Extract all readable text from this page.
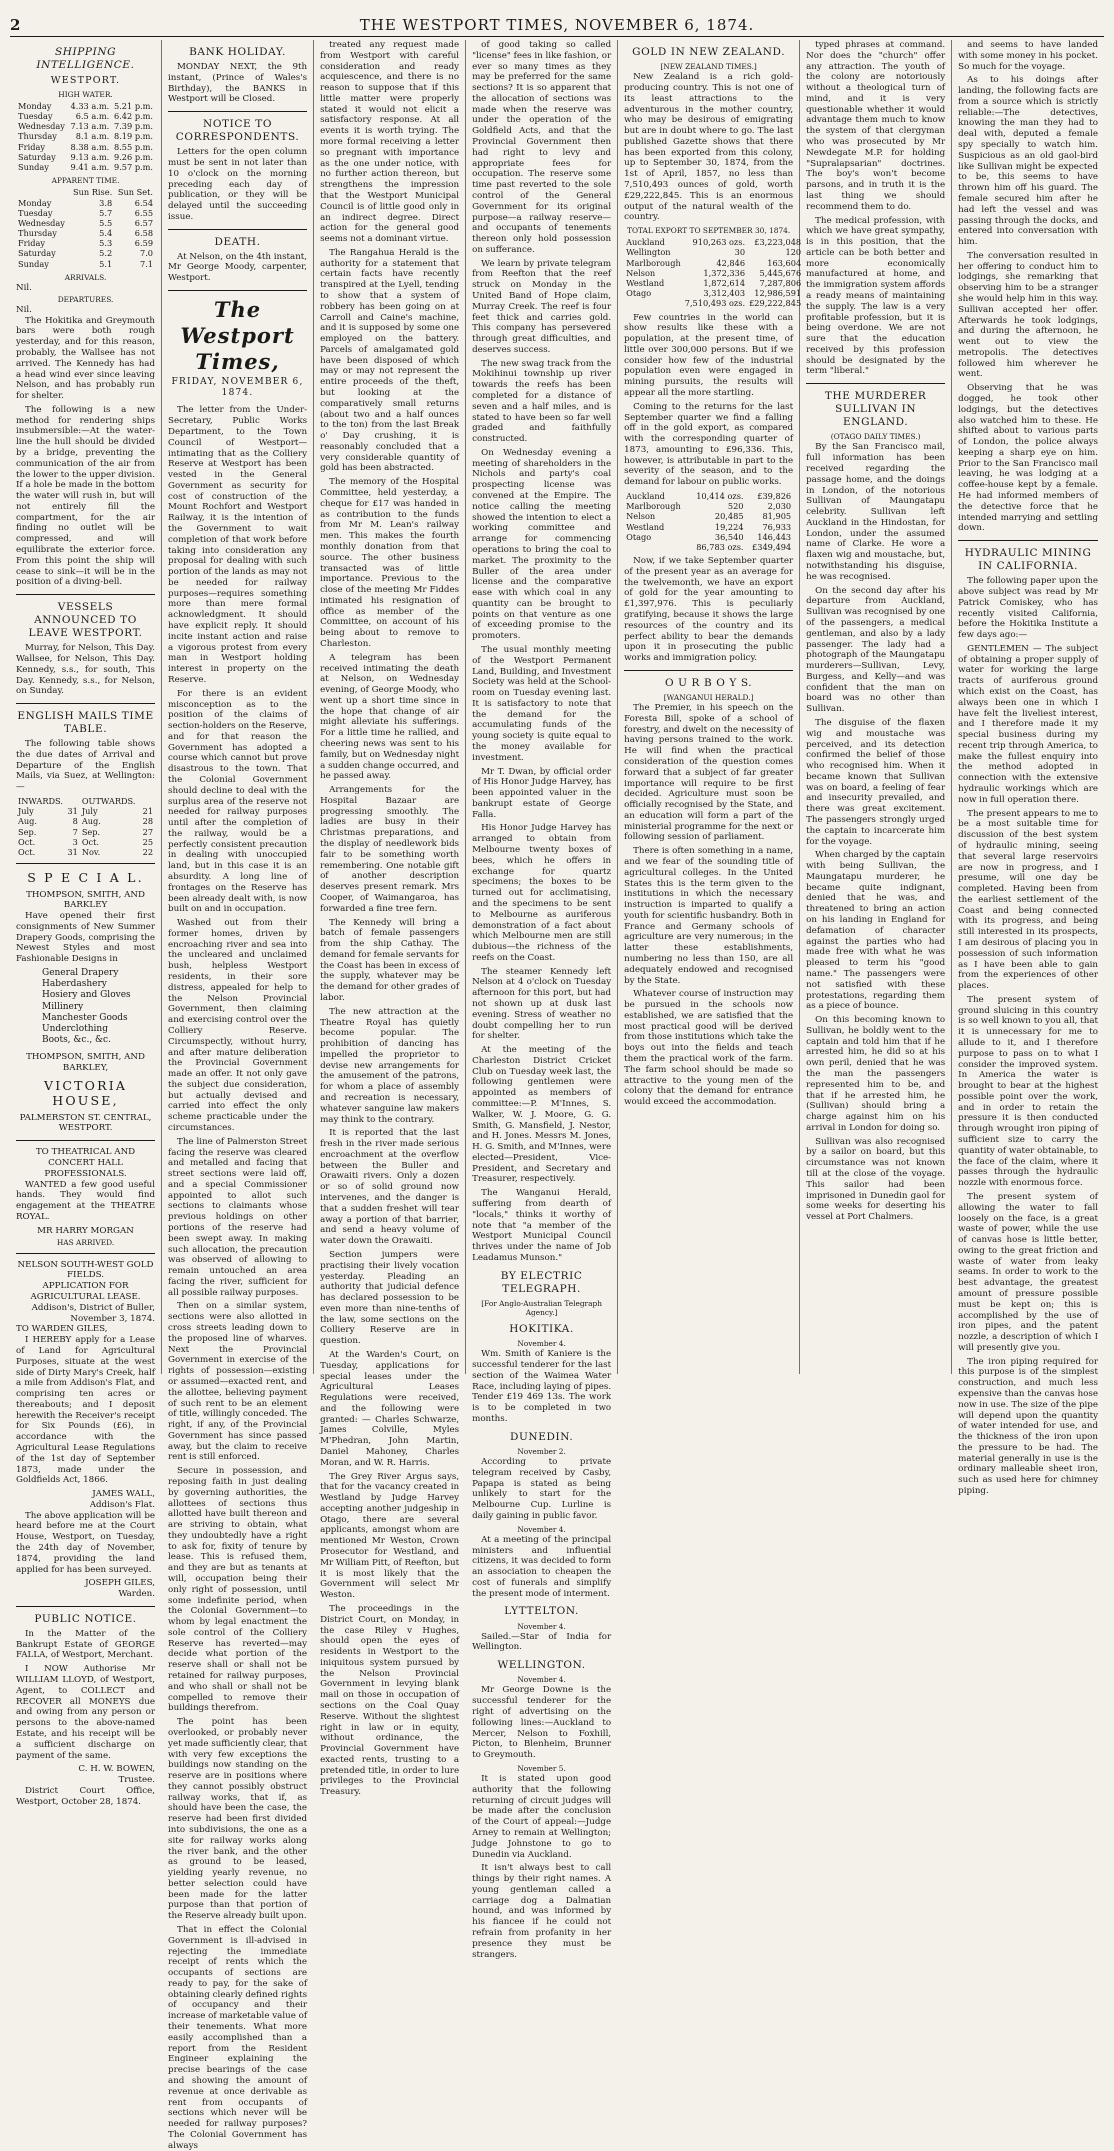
2	THE WESTPORT TIMES, NOVEMBER 6, 1874.
SHIPPING INTELLIGENCE.
WESTPORT.
HIGH WATER.
Monday	4.33 a.m.	5.21 p.m.
Tuesday	6.5 a.m.	6.42 p.m.
Wednesday	7.13 a.m.	7.39 p.m.
Thursday	8.1 a.m.	8.19 p.m.
Friday	8.38 a.m.	8.55 p.m.
Saturday	9.13 a.m.	9.26 p.m.
Sunday	9.41 a.m.	9.57 p.m.
APPARENT TIME.
	Sun Rise.	Sun Set.
Monday	3.8	6.54
Tuesday	5.7	6.55
Wednesday	5.5	6.57
Thursday	5.4	6.58
Friday	5.3	6.59
Saturday	5.2	7.0
Sunday	5.1	7.1
ARRIVALS.
Nil.
DEPARTURES.
Nil.

The Hokitika and Greymouth bars were both rough yesterday, and for this reason, probably, the Wallsee has not arrived. The Kennedy has had a head wind ever since leaving Nelson, and has probably run for shelter.

The following is a new method for rendering ships insubmersible:—At the water-line the hull should be divided by a bridge, preventing the communication of the air from the lower to the upper division. If a hole be made in the bottom the water will rush in, but will not entirely fill the compartment, for the air finding no outlet will be compressed, and will equilibrate the exterior force. From this point the ship will cease to sink—it will be in the position of a diving-bell.

VESSELS ANNOUNCED TO LEAVE WESTPORT.

Murray, for Nelson, This Day. Wallsee, for Nelson, This Day. Kennedy, s.s., for south, This Day. Kennedy, s.s., for Nelson, on Sunday.

ENGLISH MAILS TIME TABLE.

The following table shows the due dates of Arrival and Departure of the English Mails, via Suez, at Wellington:—

INWARDS.		OUTWARDS.	
July	31	July	21
Aug.	8	Aug.	28
Sep.	7	Sep.	27
Oct.	3	Oct.	25
Oct.	31	Nov.	22
S P E C I A L.
THOMPSON, SMITH, AND BARKLEY

Have opened their first consignments of New Summer Drapery Goods, comprising the Newest Styles and most Fashionable Designs in

General Drapery
Haberdashery
Hosiery and Gloves
Millinery
Manchester Goods
Underclothing
Boots, &c., &c.
THOMPSON, SMITH, AND BARKLEY,
VICTORIA HOUSE,
PALMERSTON ST. CENTRAL, WESTPORT.
TO THEATRICAL AND CONCERT HALL PROFESSIONALS.

WANTED a few good useful hands. They would find engagement at the THEATRE ROYAL.

MR HARRY MORGAN
HAS ARRIVED.
NELSON SOUTH-WEST GOLD FIELDS.
APPLICATION FOR AGRICULTURAL LEASE.
Addison's, District of Buller, November 3, 1874.
TO WARDEN GILES,

I HEREBY apply for a Lease of Land for Agricultural Purposes, situate at the west side of Dirty Mary's Creek, half a mile from Addison's Flat, and comprising ten acres or thereabouts; and I deposit herewith the Receiver's receipt for Six Pounds (£6), in accordance with the Agricultural Lease Regulations of the 1st day of September 1873, made under the Goldfields Act, 1866.

JAMES WALL,
Addison's Flat.

The above application will be heard before me at the Court House, Westport, on Tuesday, the 24th day of November, 1874, providing the land applied for has been surveyed.

JOSEPH GILES,
Warden.
PUBLIC NOTICE.

In the Matter of the Bankrupt Estate of GEORGE FALLA, of Westport, Merchant.

I NOW Authorise Mr WILLIAM LLOYD, of Westport, Agent, to COLLECT and RECOVER all MONEYS due and owing from any person or persons to the above-named Estate, and his receipt will be a sufficient discharge on payment of the same.

C. H. W. BOWEN,
Trustee.

District Court Office, Westport, October 28, 1874.

BANK HOLIDAY.

MONDAY NEXT, the 9th instant, (Prince of Wales's Birthday), the BANKS in Westport will be Closed.

NOTICE TO CORRESPONDENTS.

Letters for the open column must be sent in not later than 10 o'clock on the morning preceding each day of publication, or they will be delayed until the succeeding issue.

DEATH.

At Nelson, on the 4th instant, Mr George Moody, carpenter, Westport.

The Westport Times,
FRIDAY, NOVEMBER 6, 1874.

The letter from the Under-Secretary, Public Works Department, to the Town Council of Westport—intimating that as the Colliery Reserve at Westport has been vested in the General Government as security for cost of construction of the Mount Rochfort and Westport Railway, it is the intention of the Government to wait completion of that work before taking into consideration any proposal for dealing with such portion of the lands as may not be needed for railway purposes—requires something more than mere formal acknowledgment. It should have explicit reply. It should incite instant action and raise a vigorous protest from every man in Westport holding interest in property on the Reserve.

For there is an evident misconception as to the position of the claims of section-holders on the Reserve, and for that reason the Government has adopted a course which cannot but prove disastrous to the town. That the Colonial Government should decline to deal with the surplus area of the reserve not needed for railway purposes until after the completion of the railway, would be a perfectly consistent precaution in dealing with unoccupied land, but in this case it is an absurdity. A long line of frontages on the Reserve has been already dealt with, is now built on and in occupation.

Washed out from their former homes, driven by encroaching river and sea into the uncleared and unclaimed bush, helpless Westport residents, in their sore distress, appealed for help to the Nelson Provincial Government, then claiming and exercising control over the Colliery Reserve. Circumspectly, without hurry, and after mature deliberation the Provincial Government made an offer. It not only gave the subject due consideration, but actually devised and carried into effect the only scheme practicable under the circumstances.

The line of Palmerston Street facing the reserve was cleared and metalled and facing that street sections were laid off, and a special Commissioner appointed to allot such sections to claimants whose previous holdings on other portions of the reserve had been swept away. In making such allocation, the precaution was observed of allowing to remain untouched an area facing the river, sufficient for all possible railway purposes.

Then on a similar system, sections were also allotted in cross streets leading down to the proposed line of wharves. Next the Provincial Government in exercise of the rights of possession—existing or assumed—exacted rent, and the allottee, believing payment of such rent to be an element of title, willingly conceded. The right, if any, of the Provincial Government has since passed away, but the claim to receive rent is still enforced.

Secure in possession, and reposing faith in just dealing by governing authorities, the allottees of sections thus allotted have built thereon and are striving to obtain, what they undoubtedly have a right to ask for, fixity of tenure by lease. This is refused them, and they are but as tenants at will, occupation being their only right of possession, until some indefinite period, when the Colonial Government—to whom by legal enactment the sole control of the Colliery Reserve has reverted—may decide what portion of the reserve shall or shall not be retained for railway purposes, and who shall or shall not be compelled to remove their buildings therefrom.

The point has been overlooked, or probably never yet made sufficiently clear, that with very few exceptions the buildings now standing on the reserve are in positions where they cannot possibly obstruct railway works, that if, as should have been the case, the reserve had been first divided into subdivisions, the one as a site for railway works along the river bank, and the other as ground to be leased, yielding yearly revenue, no better selection could have been made for the latter purpose than that portion of the Reserve already built upon.

That in effect the Colonial Government is ill-advised in rejecting the immediate receipt of rents which the occupants of sections are ready to pay, for the sake of obtaining clearly defined rights of occupancy and their increase of marketable value of their tenements. What more easily accomplished than a report from the Resident Engineer explaining the precise bearings of the case and showing the amount of revenue at once derivable as rent from occupants of sections which never will be needed for railway purposes? The Colonial Government has always

treated any request made from Westport with careful consideration and ready acquiescence, and there is no reason to suppose that if this little matter were properly stated it would not elicit a satisfactory response. At all events it is worth trying. The more formal receiving a letter so pregnant with importance as the one under notice, with no further action thereon, but strengthens the impression that the Westport Municipal Council is of little good only in an indirect degree. Direct action for the general good seems not a dominant virtue.

The Rangahua Herald is the authority for a statement that certain facts have recently transpired at the Lyell, tending to show that a system of robbery has been going on at Carroll and Caine's machine, and it is supposed by some one employed on the battery. Parcels of amalgamated gold have been disposed of which may or may not represent the entire proceeds of the theft, but looking at the comparatively small returns (about two and a half ounces to the ton) from the last Break o' Day crushing, it is reasonably concluded that a very considerable quantity of gold has been abstracted.

The memory of the Hospital Committee, held yesterday, a cheque for £17 was handed in as contribution to the funds from Mr M. Lean's railway men. This makes the fourth monthly donation from that source. The other business transacted was of little importance. Previous to the close of the meeting Mr Fiddes intimated his resignation of office as member of the Committee, on account of his being about to remove to Charleston.

A telegram has been received intimating the death at Nelson, on Wednesday evening, of George Moody, who went up a short time since in the hope that change of air might alleviate his sufferings. For a little time he rallied, and cheering news was sent to his family, but on Wednesday night a sudden change occurred, and he passed away.

Arrangements for the Hospital Bazaar are progressing smoothly. The ladies are busy in their Christmas preparations, and the display of needlework bids fair to be something worth remembering. One notable gift of another description deserves present remark. Mrs Cooper, of Waimangaroa, has forwarded a fine tree fern.

The Kennedy will bring a batch of female passengers from the ship Cathay. The demand for female servants for the Coast has been in excess of the supply, whatever may be the demand for other grades of labor.

The new attraction at the Theatre Royal has quietly become popular. The prohibition of dancing has impelled the proprietor to devise new arrangements for the amusement of the patrons, for whom a place of assembly and recreation is necessary, whatever sanguine law makers may think to the contrary.

It is reported that the last fresh in the river made serious encroachment at the overflow between the Buller and Orawaiti rivers. Only a dozen or so of solid ground now intervenes, and the danger is that a sudden freshet will tear away a portion of that barrier, and send a heavy volume of water down the Orawaiti.

Section jumpers were practising their lively vocation yesterday. Pleading an authority that judicial defence has declared possession to be even more than nine-tenths of the law, some sections on the Colliery Reserve are in question.

At the Warden's Court, on Tuesday, applications for special leases under the Agricultural Leases Regulations were received, and the following were granted: — Charles Schwarze, James Colville, Myles M'Phedran, John Martin, Daniel Mahoney, Charles Moran, and W. R. Harris.

The Grey River Argus says, that for the vacancy created in Westland by Judge Harvey accepting another judgeship in Otago, there are several applicants, amongst whom are mentioned Mr Weston, Crown Prosecutor for Westland, and Mr William Pitt, of Reefton, but it is most likely that the Government will select Mr Weston.

The proceedings in the District Court, on Monday, in the case Riley v Hughes, should open the eyes of residents in Westport to the iniquitous system pursued by the Nelson Provincial Government in levying blank mail on those in occupation of sections on the Coal Quay Reserve. Without the slightest right in law or in equity, without ordinance, the Provincial Government have exacted rents, trusting to a pretended title, in order to lure privileges to the Provincial Treasury.

of good taking so called "license" fees in like fashion, or ever so many times as they may be preferred for the same sections? It is so apparent that the allocation of sections was made when the reserve was under the operation of the Goldfield Acts, and that the Provincial Government then had right to levy and appropriate fees for occupation. The reserve some time past reverted to the sole control of the General Government for its original purpose—a railway reserve—and occupants of tenements thereon only hold possession on sufferance.

We learn by private telegram from Reefton that the reef struck on Monday in the United Band of Hope claim, Murray Creek. The reef is four feet thick and carries gold. This company has persevered through great difficulties, and deserves success.

The new swag track from the Mokihinui township up river towards the reefs has been completed for a distance of seven and a half miles, and is stated to have been so far well graded and faithfully constructed.

On Wednesday evening a meeting of shareholders in the Nichols and party's coal prospecting license was convened at the Empire. The notice calling the meeting showed the intention to elect a working committee and arrange for commencing operations to bring the coal to market. The proximity to the Buller of the area under license and the comparative ease with which coal in any quantity can be brought to points on that venture as one of exceeding promise to the promoters.

The usual monthly meeting of the Westport Permanent Land, Building, and Investment Society was held at the School-room on Tuesday evening last. It is satisfactory to note that the demand for the accumulating funds of the young society is quite equal to the money available for investment.

Mr T. Dwan, by official order of His Honor Judge Harvey, has been appointed valuer in the bankrupt estate of George Falla.

His Honor Judge Harvey has arranged to obtain from Melbourne twenty boxes of bees, which he offers in exchange for quartz specimens; the boxes to be turned out for acclimatising, and the specimens to be sent to Melbourne as auriferous demonstration of a fact about which Melbourne men are still dubious—the richness of the reefs on the Coast.

The steamer Kennedy left Nelson at 4 o'clock on Tuesday afternoon for this port, but had not shown up at dusk last evening. Stress of weather no doubt compelling her to run for shelter.

At the meeting of the Charleston District Cricket Club on Tuesday week last, the following gentlemen were appointed as members of committee:—P. M'Innes, S. Walker, W. J. Moore, G. G. Smith, G. Mansfield, J. Nestor, and H. Jones. Messrs M. Jones, H. G. Smith, and M'Innes, were elected—President, Vice-President, and Secretary and Treasurer, respectively.

The Wanganui Herald, suffering from dearth of "locals," thinks it worthy of note that "a member of the Westport Municipal Council thrives under the name of Job Leadamus Munson."

BY ELECTRIC TELEGRAPH.
[For Anglo-Australian Telegraph Agency.]
HOKITIKA.
November 4.

Wm. Smith of Kaniere is the successful tenderer for the last section of the Waimea Water Race, including laying of pipes. Tender £19 469 13s. The work is to be completed in two months.

DUNEDIN.
November 2.

According to private telegram received by Casby, Papapa is stated as being unlikely to start for the Melbourne Cup. Lurline is daily gaining in public favor.

November 4.

At a meeting of the principal ministers and influential citizens, it was decided to form an association to cheapen the cost of funerals and simplify the present mode of interment.

LYTTELTON.
November 4.

Sailed.—Star of India for Wellington.

WELLINGTON.
November 4.

Mr George Downe is the successful tenderer for the right of advertising on the following lines:—Auckland to Mercer, Nelson to Foxhill, Picton, to Blenheim, Brunner to Greymouth.

November 5.

It is stated upon good authority that the following returning of circuit judges will be made after the conclusion of the Court of appeal:—Judge Arney to remain at Wellington; Judge Johnstone to go to Dunedin via Auckland.

It isn't always best to call things by their right names. A young gentleman called a carriage dog a Dalmatian hound, and was informed by his fiancee if he could not refrain from profanity in her presence they must be strangers.

GOLD IN NEW ZEALAND.
[NEW ZEALAND TIMES.]

New Zealand is a rich gold-producing country. This is not one of its least attractions to the adventurous in the mother country, who may be desirous of emigrating but are in doubt where to go. The last published Gazette shows that there has been exported from this colony, up to September 30, 1874, from the 1st of April, 1857, no less than 7,510,493 ounces of gold, worth £29,222,845. This is an enormous output of the natural wealth of the country.

TOTAL EXPORT TO SEPTEMBER 30, 1874.
Auckland	910,263 ozs.	£3,223,048
Wellington	30	120
Marlborough	42,846	163,604
Nelson	1,372,336	5,445,676
Westland	1,872,614	7,287,806
Otago	3,312,403	12,986,591
	7,510,493 ozs.	£29,222,845

Few countries in the world can show results like these with a population, at the present time, of little over 300,000 persons. But if we consider how few of the industrial population even were engaged in mining pursuits, the results will appear all the more startling.

Coming to the returns for the last September quarter we find a falling off in the gold export, as compared with the corresponding quarter of 1873, amounting to £96,336. This, however, is attributable in part to the severity of the season, and to the demand for labour on public works.

Auckland	10,414 ozs.	£39,826
Marlborough	520	2,030
Nelson	20,485	81,905
Westland	19,224	76,933
Otago	36,540	146,443
	86,783 ozs.	£349,494

Now, if we take September quarter of the present year as an average for the twelvemonth, we have an export of gold for the year amounting to £1,397,976. This is peculiarly gratifying, because it shows the large resources of the country and its perfect ability to bear the demands upon it in prosecuting the public works and immigration policy.

O U R B O Y S.
[WANGANUI HERALD.]

The Premier, in his speech on the Foresta Bill, spoke of a school of forestry, and dwelt on the necessity of having persons trained to the work. He will find when the practical consideration of the question comes forward that a subject of far greater importance will require to be first decided. Agriculture must soon be officially recognised by the State, and an education will form a part of the ministerial programme for the next or following session of parliament.

There is often something in a name, and we fear of the sounding title of agricultural colleges. In the United States this is the term given to the institutions in which the necessary instruction is imparted to qualify a youth for scientific husbandry. Both in France and Germany schools of agriculture are very numerous; in the latter these establishments, numbering no less than 150, are all adequately endowed and recognised by the State.

Whatever course of instruction may be pursued in the schools now established, we are satisfied that the most practical good will be derived from those institutions which take the boys out into the fields and teach them the practical work of the farm. The farm school should be made so attractive to the young men of the colony that the demand for entrance would exceed the accommodation.

typed phrases at command. Nor does the "church" offer any attraction. The youth of the colony are notoriously without a theological turn of mind, and it is very questionable whether it would advantage them much to know the system of that clergyman who was prosecuted by Mr Newdegate M.P. for holding "Supralapsarian" doctrines. The boy's won't become parsons, and in truth it is the last thing we should recommend them to do.

The medical profession, with which we have great sympathy, is in this position, that the article can be both better and more economically manufactured at home, and the immigration system affords a ready means of maintaining the supply. The law is a very profitable profession, but it is being overdone. We are not sure that the education received by this profession should be designated by the term "liberal."

THE MURDERER SULLIVAN IN ENGLAND.
(OTAGO DAILY TIMES.)

By the San Francisco mail, full information has been received regarding the passage home, and the doings in London, of the notorious Sullivan of Maungatapu celebrity. Sullivan left Auckland in the Hindostan, for London, under the assumed name of Clarke. He wore a flaxen wig and moustache, but, notwithstanding his disguise, he was recognised.

On the second day after his departure from Auckland, Sullivan was recognised by one of the passengers, a medical gentleman, and also by a lady passenger. The lady had a photograph of the Maungatapu murderers—Sullivan, Levy, Burgess, and Kelly—and was confident that the man on board was no other than Sullivan.

The disguise of the flaxen wig and moustache was perceived, and its detection confirmed the belief of those who recognised him. When it became known that Sullivan was on board, a feeling of fear and insecurity prevailed, and there was great excitement. The passengers strongly urged the captain to incarcerate him for the voyage.

When charged by the captain with being Sullivan, the Maungatapu murderer, he became quite indignant, denied that he was, and threatened to bring an action on his landing in England for defamation of character against the parties who had made free with what he was pleased to term his "good name." The passengers were not satisfied with these protestations, regarding them as a piece of bounce.

On this becoming known to Sullivan, he boldly went to the captain and told him that if he arrested him, he did so at his own peril, denied that he was the man the passengers represented him to be, and that if he arrested him, he (Sullivan) should bring a charge against him on his arrival in London for doing so.

Sullivan was also recognised by a sailor on board, but this circumstance was not known till at the close of the voyage. This sailor had been imprisoned in Dunedin gaol for some weeks for deserting his vessel at Port Chalmers.

and seems to have landed with some money in his pocket. So much for the voyage.

As to his doings after landing, the following facts are from a source which is strictly reliable:—The detectives, knowing the man they had to deal with, deputed a female spy specially to watch him. Suspicious as an old gaol-bird like Sullivan might be expected to be, this seems to have thrown him off his guard. The female secured him after he had left the vessel and was passing through the docks, and entered into conversation with him.

The conversation resulted in her offering to conduct him to lodgings, she remarking that observing him to be a stranger she would help him in this way. Sullivan accepted her offer. Afterwards he took lodgings, and during the afternoon, he went out to view the metropolis. The detectives followed him wherever he went.

Observing that he was dogged, he took other lodgings, but the detectives also watched him to these. He shifted about to various parts of London, the police always keeping a sharp eye on him. Prior to the San Francisco mail leaving, he was lodging at a coffee-house kept by a female. He had informed members of the detective force that he intended marrying and settling down.

HYDRAULIC MINING IN CALIFORNIA.

The following paper upon the above subject was read by Mr Patrick Comiskey, who has recently visited California, before the Hokitika Institute a few days ago:—

GENTLEMEN — The subject of obtaining a proper supply of water for working the large tracts of auriferous ground which exist on the Coast, has always been one in which I have felt the liveliest interest, and I therefore made it my special business during my recent trip through America, to make the fullest enquiry into the method adopted in connection with the extensive hydraulic workings which are now in full operation there.

The present appears to me to be a most suitable time for discussion of the best system of hydraulic mining, seeing that several large reservoirs are now in progress, and I presume, will one day be completed. Having been from the earliest settlement of the Coast and being connected with its progress, and being still interested in its prospects, I am desirous of placing you in possession of such information as I have been able to gain from the experiences of other places.

The present system of ground sluicing in this country is so well known to you all, that it is unnecessary for me to allude to it, and I therefore purpose to pass on to what I consider the improved system. In America the water is brought to bear at the highest possible point over the work, and in order to retain the pressure it is then conducted through wrought iron piping of sufficient size to carry the quantity of water obtainable, to the face of the claim, where it passes through the hydraulic nozzle with enormous force.

The present system of allowing the water to fall loosely on the face, is a great waste of power, while the use of canvas hose is little better, owing to the great friction and waste of water from leaky seams. In order to work to the best advantage, the greatest amount of pressure possible must be kept on; this is accomplished by the use of iron pipes, and the patent nozzle, a description of which I will presently give you.

The iron piping required for this purpose is of the simplest construction, and much less expensive than the canvas hose now in use. The size of the pipe will depend upon the quantity of water intended for use, and the thickness of the iron upon the pressure to be had. The material generally in use is the ordinary malleable sheet iron, such as used here for chimney piping.
